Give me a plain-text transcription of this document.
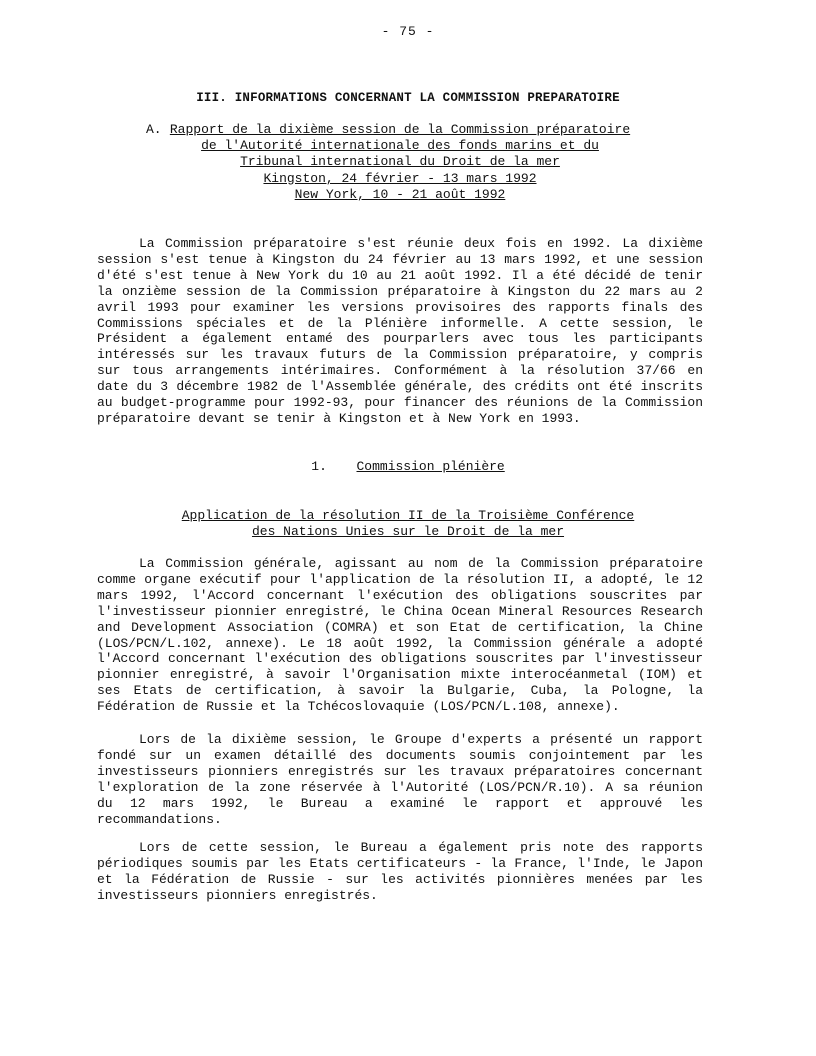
- 75 -
III. INFORMATIONS CONCERNANT LA COMMISSION PREPARATOIRE
A. Rapport de la dixième session de la Commission préparatoire
de l'Autorité internationale des fonds marins et du
Tribunal international du Droit de la mer
Kingston, 24 février - 13 mars 1992
New York, 10 - 21 août 1992

La Commission préparatoire s'est réunie deux fois en 1992. La dixième session s'est tenue à Kingston du 24 février au 13 mars 1992, et une session d'été s'est tenue à New York du 10 au 21 août 1992. Il a été décidé de tenir la onzième session de la Commission préparatoire à Kingston du 22 mars au 2 avril 1993 pour examiner les versions provisoires des rapports finals des Commissions spéciales et de la Plénière informelle. A cette session, le Président a également entamé des pourparlers avec tous les participants intéressés sur les travaux futurs de la Commission préparatoire, y compris sur tous arrangements intérimaires. Conformément à la résolution 37/66 en date du 3 décembre 1982 de l'Assemblée générale, des crédits ont été inscrits au budget-programme pour 1992-93, pour financer des réunions de la Commission préparatoire devant se tenir à Kingston et à New York en 1993.

1. Commission plénière
Application de la résolution II de la Troisième Conférence
des Nations Unies sur le Droit de la mer

La Commission générale, agissant au nom de la Commission préparatoire comme organe exécutif pour l'application de la résolution II, a adopté, le 12 mars 1992, l'Accord concernant l'exécution des obligations souscrites par l'investisseur pionnier enregistré, le China Ocean Mineral Resources Research and Development Association (COMRA) et son Etat de certification, la Chine (LOS/PCN/L.102, annexe). Le 18 août 1992, la Commission générale a adopté l'Accord concernant l'exécution des obligations souscrites par l'investisseur pionnier enregistré, à savoir l'Organisation mixte interocéanmetal (IOM) et ses Etats de certification, à savoir la Bulgarie, Cuba, la Pologne, la Fédération de Russie et la Tchécoslovaquie (LOS/PCN/L.108, annexe).

Lors de la dixième session, le Groupe d'experts a présenté un rapport fondé sur un examen détaillé des documents soumis conjointement par les investisseurs pionniers enregistrés sur les travaux préparatoires concernant l'exploration de la zone réservée à l'Autorité (LOS/PCN/R.10). A sa réunion du 12 mars 1992, le Bureau a examiné le rapport et approuvé les recommandations.

Lors de cette session, le Bureau a également pris note des rapports périodiques soumis par les Etats certificateurs - la France, l'Inde, le Japon et la Fédération de Russie - sur les activités pionnières menées par les investisseurs pionniers enregistrés.
